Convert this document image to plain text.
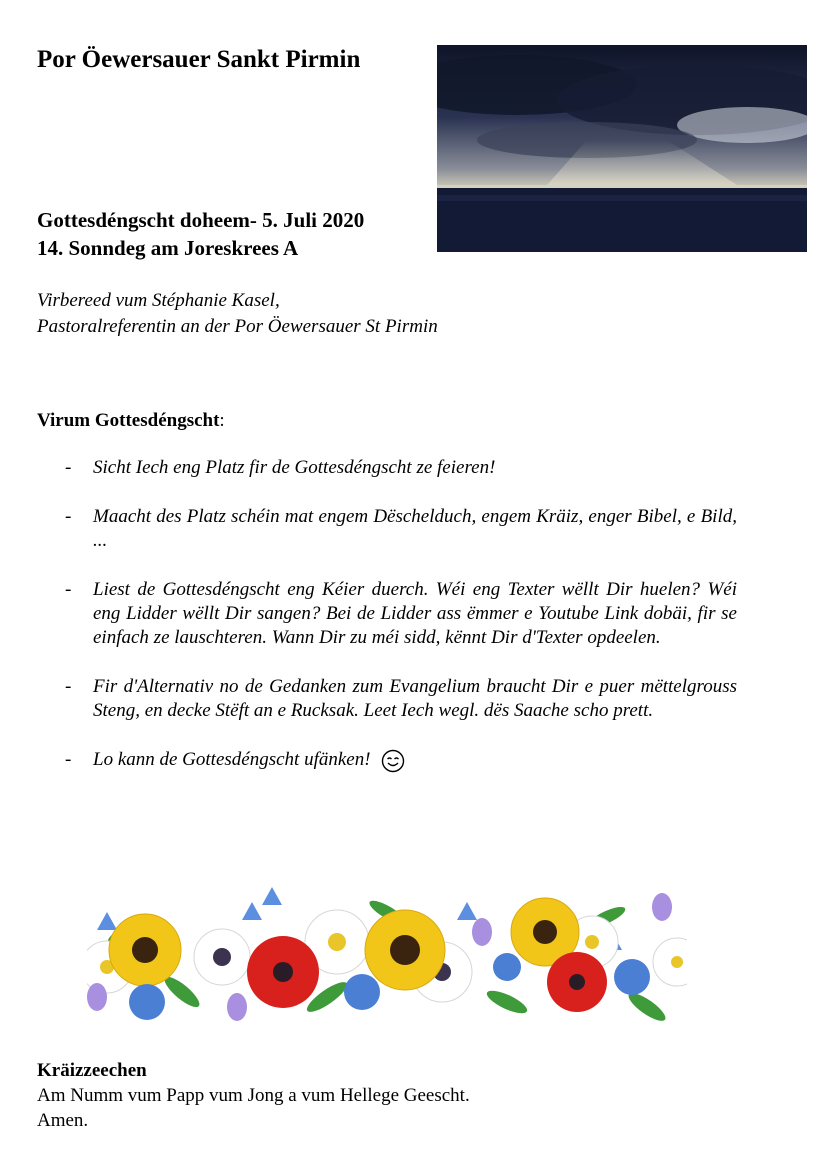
Por Öewersauer Sankt Pirmin
Gottesdéngscht doheem- 5. Juli 2020
14. Sonndeg am Joreskrees A
Virbereed vum Stéphanie Kasel,
Pastoralreferentin an der Por Öewersauer St Pirmin
Virum Gottesdéngscht:
- Sicht Iech eng Platz fir de Gottesdéngscht ze feieren!
- Maacht des Platz schéin mat engem Dëschelduch, engem Kräiz, enger Bibel, e Bild, ...
- Liest de Gottesdéngscht eng Kéier duerch. Wéi eng Texter wëllt Dir huelen? Wéi eng Lidder wëllt Dir sangen? Bei de Lidder ass ëmmer e Youtube Link dobäi, fir se einfach ze lauschteren. Wann Dir zu méi sidd, kënnt Dir d'Texter opdeelen.
- Fir d'Alternativ no de Gedanken zum Evangelium braucht Dir e puer mëttelgrouss Steng, en decke Stëft an e Rucksak. Leet Iech wegl. dës Saache scho prett.
- Lo kann de Gottesdéngscht ufänken!
Kräizzeechen
Am Numm vum Papp vum Jong a vum Hellege Geescht.
Amen.
